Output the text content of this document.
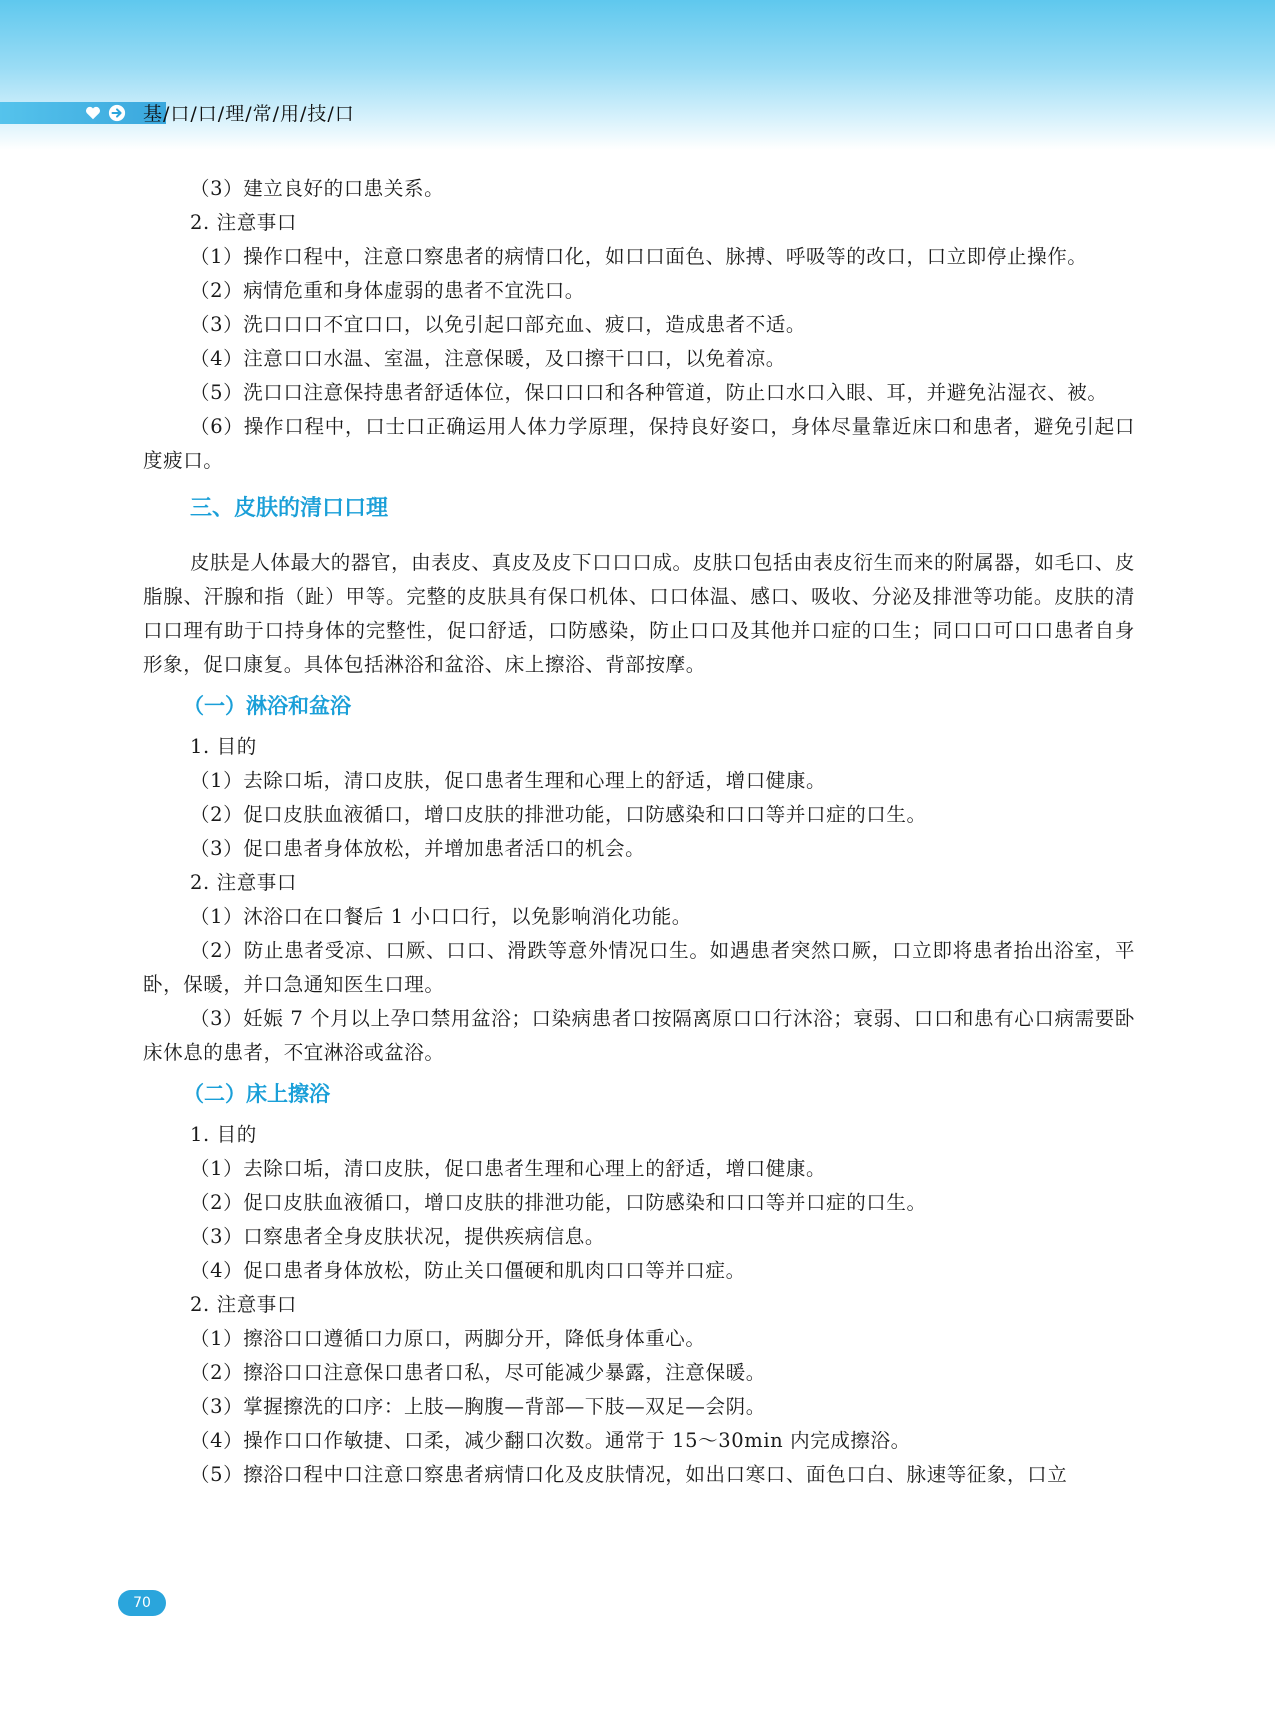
基/口/口/理/常/用/技/口

（3）建立良好的口患关系。

2. 注意事口

（1）操作口程中，注意口察患者的病情口化，如口口面色、脉搏、呼吸等的改口，口立即停止操作。

（2）病情危重和身体虚弱的患者不宜洗口。

（3）洗口口口不宜口口，以免引起口部充血、疲口，造成患者不适。

（4）注意口口水温、室温，注意保暖，及口擦干口口，以免着凉。

（5）洗口口注意保持患者舒适体位，保口口口和各种管道，防止口水口入眼、耳，并避免沾湿衣、被。

（6）操作口程中，口士口正确运用人体力学原理，保持良好姿口，身体尽量靠近床口和患者，避免引起口度疲口。

三、皮肤的清口口理

皮肤是人体最大的器官，由表皮、真皮及皮下口口口成。皮肤口包括由表皮衍生而来的附属器，如毛口、皮脂腺、汗腺和指（趾）甲等。完整的皮肤具有保口机体、口口体温、感口、吸收、分泌及排泄等功能。皮肤的清口口理有助于口持身体的完整性，促口舒适，口防感染，防止口口及其他并口症的口生；同口口可口口患者自身形象，促口康复。具体包括淋浴和盆浴、床上擦浴、背部按摩。

（一）淋浴和盆浴

1. 目的

（1）去除口垢，清口皮肤，促口患者生理和心理上的舒适，增口健康。

（2）促口皮肤血液循口，增口皮肤的排泄功能，口防感染和口口等并口症的口生。

（3）促口患者身体放松，并增加患者活口的机会。

2. 注意事口

（1）沐浴口在口餐后 1 小口口行，以免影响消化功能。

（2）防止患者受凉、口厥、口口、滑跌等意外情况口生。如遇患者突然口厥，口立即将患者抬出浴室，平卧，保暖，并口急通知医生口理。

（3）妊娠 7 个月以上孕口禁用盆浴；口染病患者口按隔离原口口行沐浴；衰弱、口口和患有心口病需要卧床休息的患者，不宜淋浴或盆浴。

（二）床上擦浴

1. 目的

（1）去除口垢，清口皮肤，促口患者生理和心理上的舒适，增口健康。

（2）促口皮肤血液循口，增口皮肤的排泄功能，口防感染和口口等并口症的口生。

（3）口察患者全身皮肤状况，提供疾病信息。

（4）促口患者身体放松，防止关口僵硬和肌肉口口等并口症。

2. 注意事口

（1）擦浴口口遵循口力原口，两脚分开，降低身体重心。

（2）擦浴口口注意保口患者口私，尽可能减少暴露，注意保暖。

（3）掌握擦洗的口序：上肢—胸腹—背部—下肢—双足—会阴。

（4）操作口口作敏捷、口柔，减少翻口次数。通常于 15～30min 内完成擦浴。

（5）擦浴口程中口注意口察患者病情口化及皮肤情况，如出口寒口、面色口白、脉速等征象，口立

70
